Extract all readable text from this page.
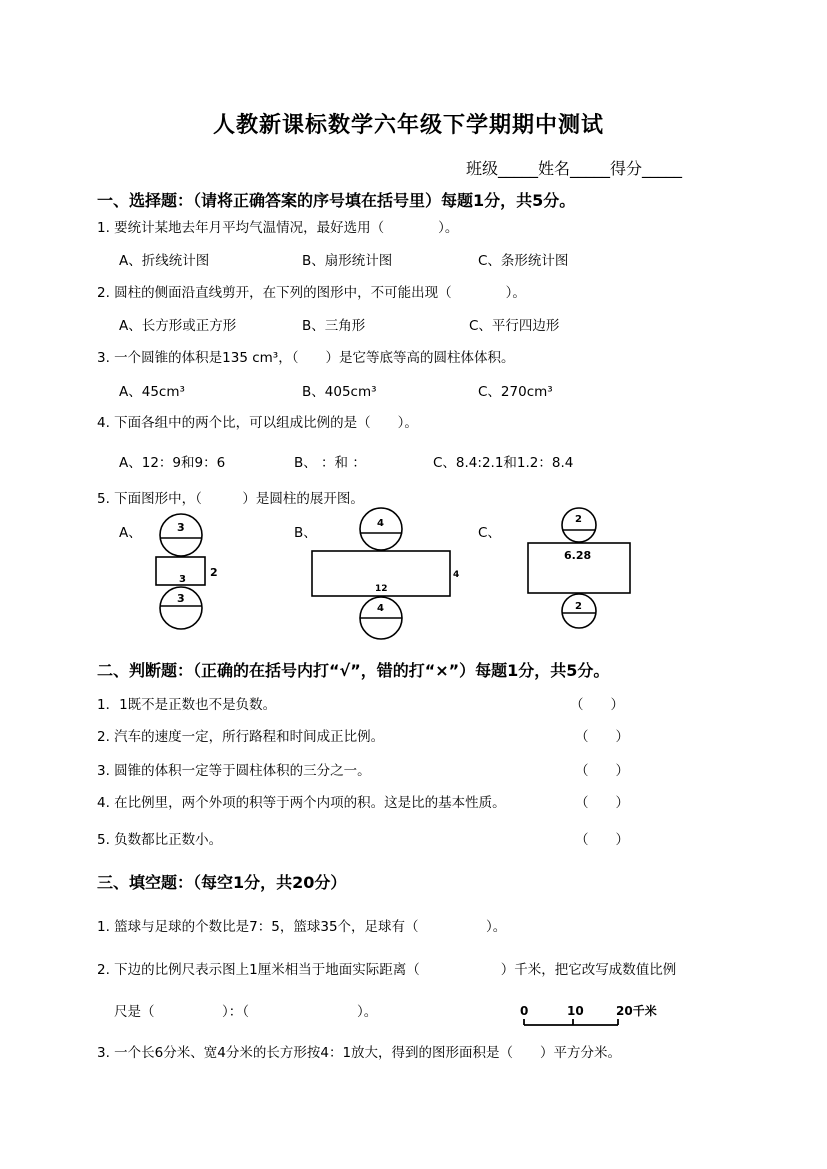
人教新课标数学六年级下学期期中测试
班级_____姓名_____得分_____
一、选择题：（请将正确答案的序号填在括号里）每题1分，共5分。
1. 要统计某地去年月平均气温情况，最好选用（　　　　）。
A、折线统计图	B、扇形统计图	C、条形统计图
2. 圆柱的侧面沿直线剪开，在下列的图形中，不可能出现（　　　　）。
A、长方形或正方形	B、三角形	C、平行四边形
3. 一个圆锥的体积是135 cm³，（　　）是它等底等高的圆柱体体积。
A、45cm³	B、405cm³	C、270cm³
4. 下面各组中的两个比，可以组成比例的是（　　）。
A、12：9和9：6	B、 ：和 ：	C、8.4:2.1和1.2：8.4
5. 下面图形中，（　　　）是圆柱的展开图。
A、	B、	C、
3
3
2
3
4
12
4
4
2
6.28
2
二、判断题：（正确的在括号内打“√”，错的打“×”）每题1分，共5分。
1．1既不是正数也不是负数。	（　　）
2. 汽车的速度一定，所行路程和时间成正比例。	（　　）
3. 圆锥的体积一定等于圆柱体积的三分之一。	（　　）
4. 在比例里，两个外项的积等于两个内项的积。这是比的基本性质。	（　　）
5. 负数都比正数小。	（　　）
三、填空题：（每空1分，共20分）
1. 篮球与足球的个数比是7：5，篮球35个，足球有（　　　　　）。
2. 下边的比例尺表示图上1厘米相当于地面实际距离（　　　　　　）千米，把它改写成数值比例
尺是（　　　　　）：（　　　　　　　　）。	0	10	20千米
3. 一个长6分米、宽4分米的长方形按4：1放大，得到的图形面积是（　　）平方分米。
